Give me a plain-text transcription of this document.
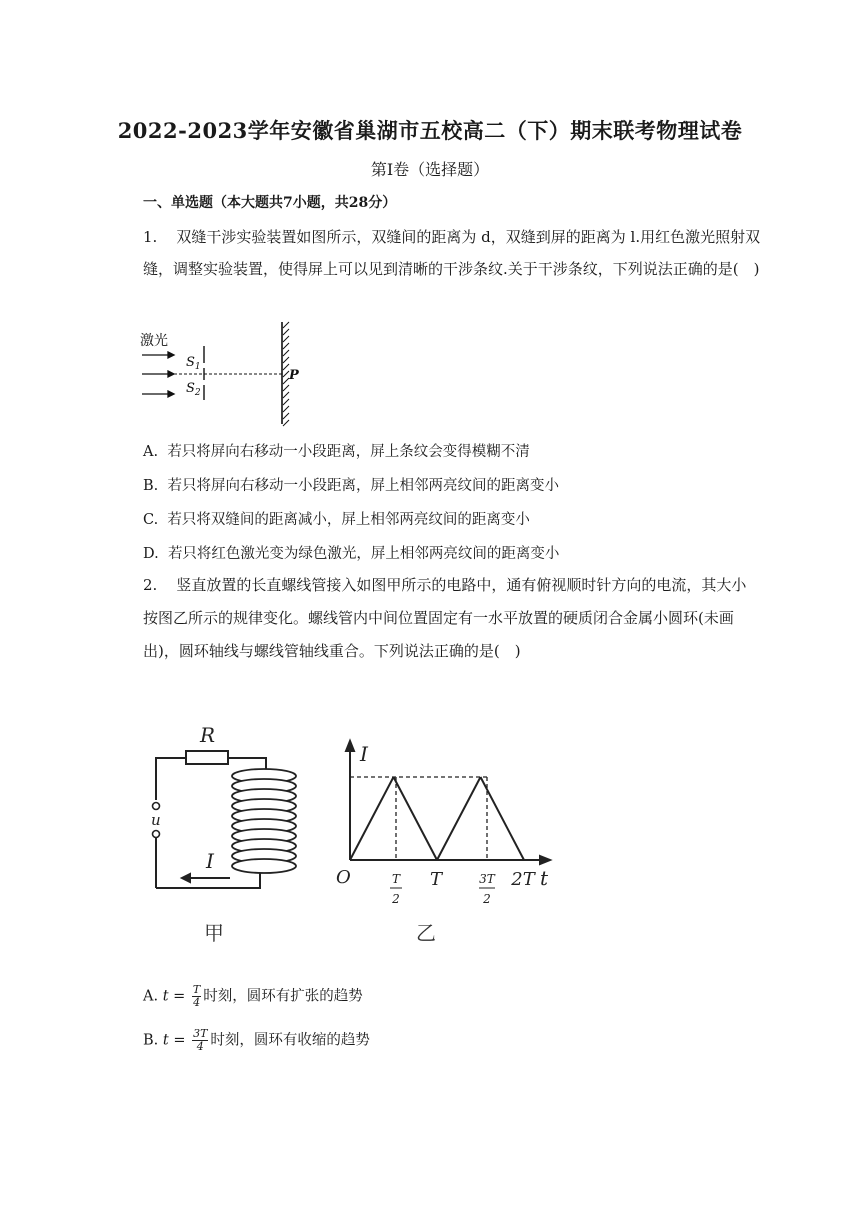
2022-2023学年安徽省巢湖市五校高二（下）期末联考物理试卷
第Ⅰ卷（选择题）
一、单选题（本大题共7小题，共28分）
1. 双缝干涉实验装置如图所示，双缝间的距离为 d，双缝到屏的距离为 l.用红色激光照射双
缝，调整实验装置，使得屏上可以见到清晰的干涉条纹.关于干涉条纹，下列说法正确的是(　)
激光
$S_1$
$S_2$
P
A. 若只将屏向右移动一小段距离，屏上条纹会变得模糊不清
B. 若只将屏向右移动一小段距离，屏上相邻两亮纹间的距离变小
C. 若只将双缝间的距离减小，屏上相邻两亮纹间的距离变小
D. 若只将红色激光变为绿色激光，屏上相邻两亮纹间的距离变小
2. 竖直放置的长直螺线管接入如图甲所示的电路中，通有俯视顺时针方向的电流，其大小
按图乙所示的规律变化。螺线管内中间位置固定有一水平放置的硬质闭合金属小圆环(未画
出)，圆环轴线与螺线管轴线重合。下列说法正确的是(　)
R
u
I
甲
I
t
O	T
2
T	3T
2
2T
乙
A. $t = \frac{T}{4}$ 时刻，圆环有扩张的趋势
B. $t = \frac{3T}{4}$ 时刻，圆环有收缩的趋势
